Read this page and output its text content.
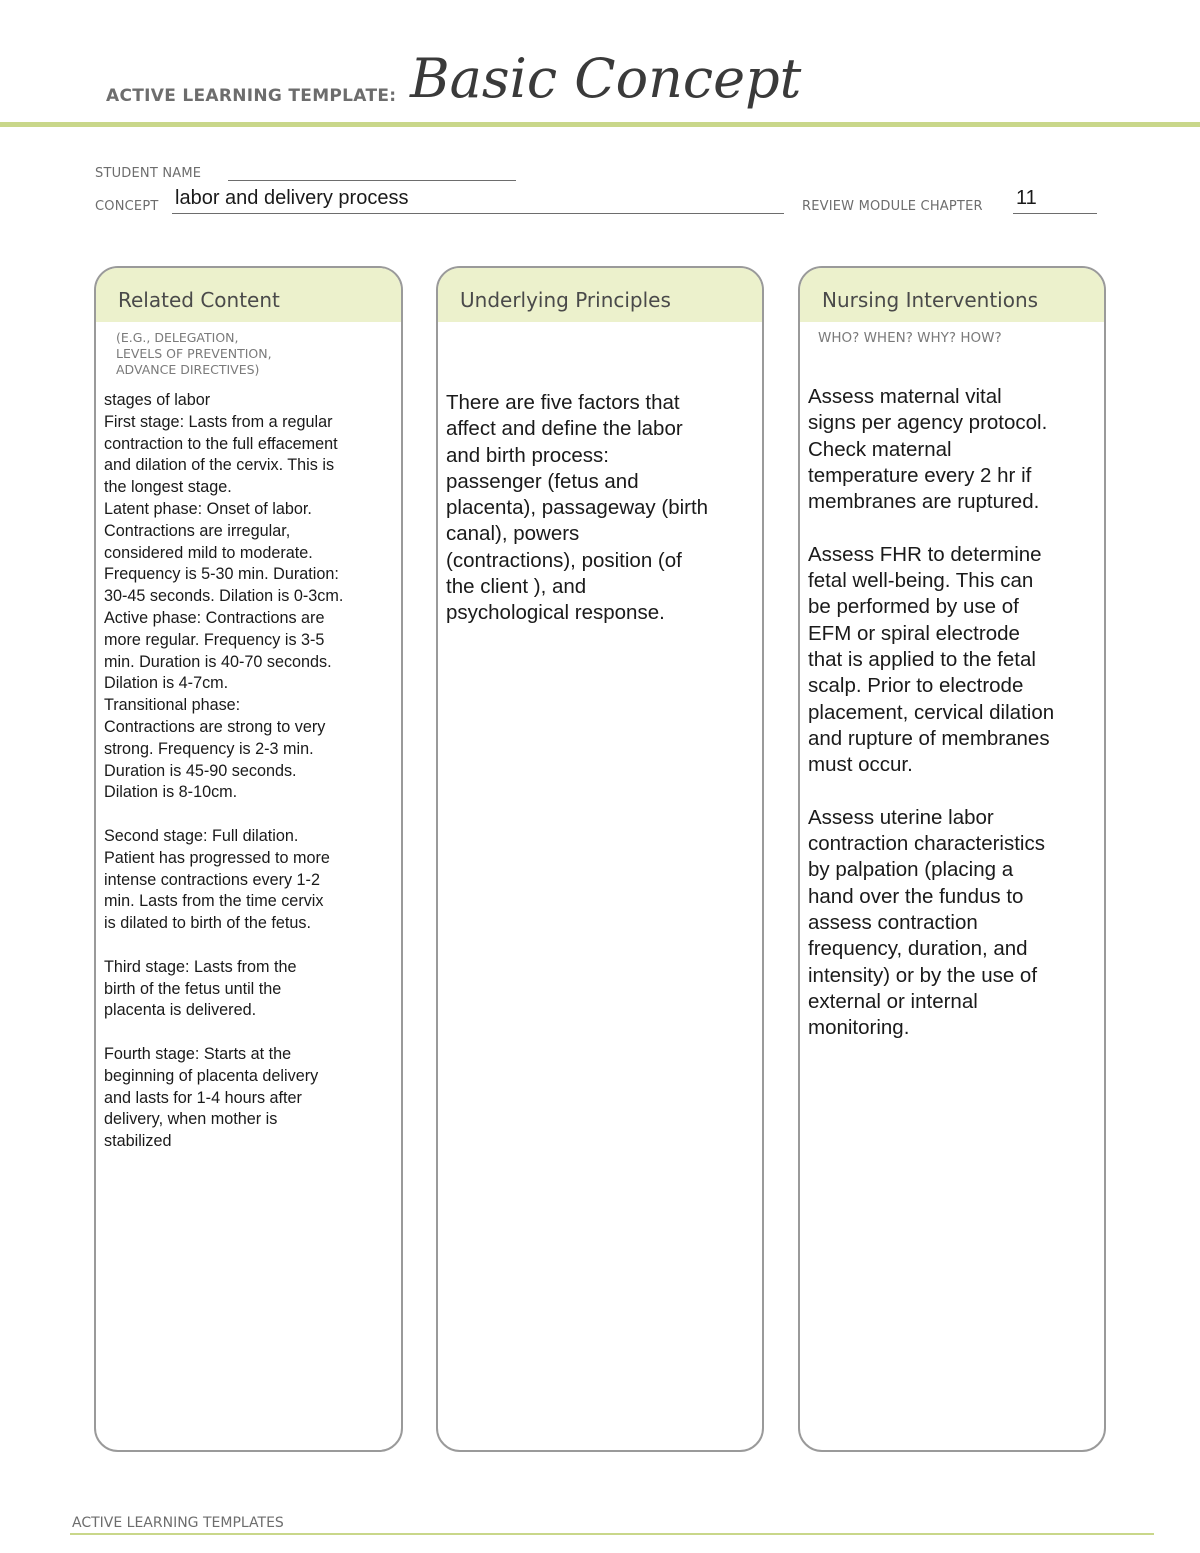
ACTIVE LEARNING TEMPLATE: Basic Concept
STUDENT NAME
CONCEPT labor and delivery process	REVIEW MODULE CHAPTER 11
Related Content
(E.G., DELEGATION,
LEVELS OF PREVENTION,
ADVANCE DIRECTIVES)
stages of labor
First stage: Lasts from a regular
contraction to the full effacement
and dilation of the cervix. This is
the longest stage.
Latent phase: Onset of labor.
Contractions are irregular,
considered mild to moderate.
Frequency is 5-30 min. Duration:
30-45 seconds. Dilation is 0-3cm.
Active phase: Contractions are
more regular. Frequency is 3-5
min. Duration is 40-70 seconds.
Dilation is 4-7cm.
Transitional phase:
Contractions are strong to very
strong. Frequency is 2-3 min.
Duration is 45-90 seconds.
Dilation is 8-10cm.

Second stage: Full dilation.
Patient has progressed to more
intense contractions every 1-2
min. Lasts from the time cervix
is dilated to birth of the fetus.

Third stage: Lasts from the
birth of the fetus until the
placenta is delivered.

Fourth stage: Starts at the
beginning of placenta delivery
and lasts for 1-4 hours after
delivery, when mother is
stabilized
Underlying Principles
There are five factors that
affect and define the labor
and birth process:
passenger (fetus and
placenta), passageway (birth
canal), powers
(contractions), position (of
the client ), and
psychological response.
Nursing Interventions
WHO? WHEN? WHY? HOW?
Assess maternal vital
signs per agency protocol.
Check maternal
temperature every 2 hr if
membranes are ruptured.

Assess FHR to determine
fetal well-being. This can
be performed by use of
EFM or spiral electrode
that is applied to the fetal
scalp. Prior to electrode
placement, cervical dilation
and rupture of membranes
must occur.

Assess uterine labor
contraction characteristics
by palpation (placing a
hand over the fundus to
assess contraction
frequency, duration, and
intensity) or by the use of
external or internal
monitoring.
ACTIVE LEARNING TEMPLATES
